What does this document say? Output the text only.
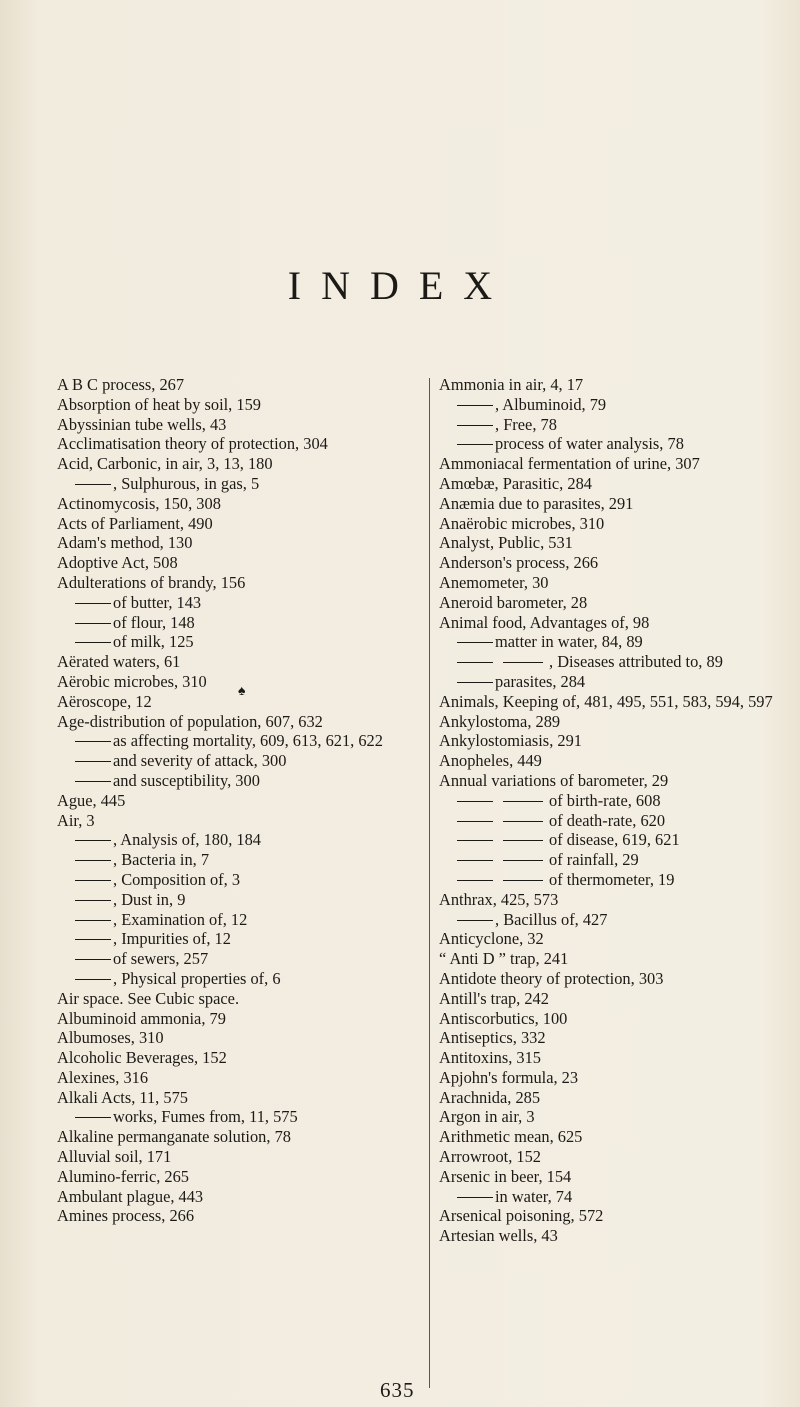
INDEX
A B C process, 267
Absorption of heat by soil, 159
Abyssinian tube wells, 43
Acclimatisation theory of protection, 304
Acid, Carbonic, in air, 3, 13, 180
, Sulphurous, in gas, 5
Actinomycosis, 150, 308
Acts of Parliament, 490
Adam's method, 130
Adoptive Act, 508
Adulterations of brandy, 156
of butter, 143
of flour, 148
of milk, 125
Aërated waters, 61
Aërobic microbes, 310
Aëroscope, 12
Age-distribution of population, 607, 632
as affecting mortality, 609, 613, 621, 622
and severity of attack, 300
and susceptibility, 300
Ague, 445
Air, 3
, Analysis of, 180, 184
, Bacteria in, 7
, Composition of, 3
, Dust in, 9
, Examination of, 12
, Impurities of, 12
of sewers, 257
, Physical properties of, 6
Air space. See Cubic space.
Albuminoid ammonia, 79
Albumoses, 310
Alcoholic Beverages, 152
Alexines, 316
Alkali Acts, 11, 575
works, Fumes from, 11, 575
Alkaline permanganate solution, 78
Alluvial soil, 171
Alumino-ferric, 265
Ambulant plague, 443
Amines process, 266
Ammonia in air, 4, 17
, Albuminoid, 79
, Free, 78
process of water analysis, 78
Ammoniacal fermentation of urine, 307
Amœbæ, Parasitic, 284
Anæmia due to parasites, 291
Anaërobic microbes, 310
Analyst, Public, 531
Anderson's process, 266
Anemometer, 30
Aneroid barometer, 28
Animal food, Advantages of, 98
matter in water, 84, 89
, Diseases attributed to, 89
parasites, 284
Animals, Keeping of, 481, 495, 551, 583, 594, 597
Ankylostoma, 289
Ankylostomiasis, 291
Anopheles, 449
Annual variations of barometer, 29
of birth-rate, 608
of death-rate, 620
of disease, 619, 621
of rainfall, 29
of thermometer, 19
Anthrax, 425, 573
, Bacillus of, 427
Anticyclone, 32
“ Anti D ” trap, 241
Antidote theory of protection, 303
Antill's trap, 242
Antiscorbutics, 100
Antiseptics, 332
Antitoxins, 315
Apjohn's formula, 23
Arachnida, 285
Argon in air, 3
Arithmetic mean, 625
Arrowroot, 152
Arsenic in beer, 154
in water, 74
Arsenical poisoning, 572
Artesian wells, 43
♠
635
